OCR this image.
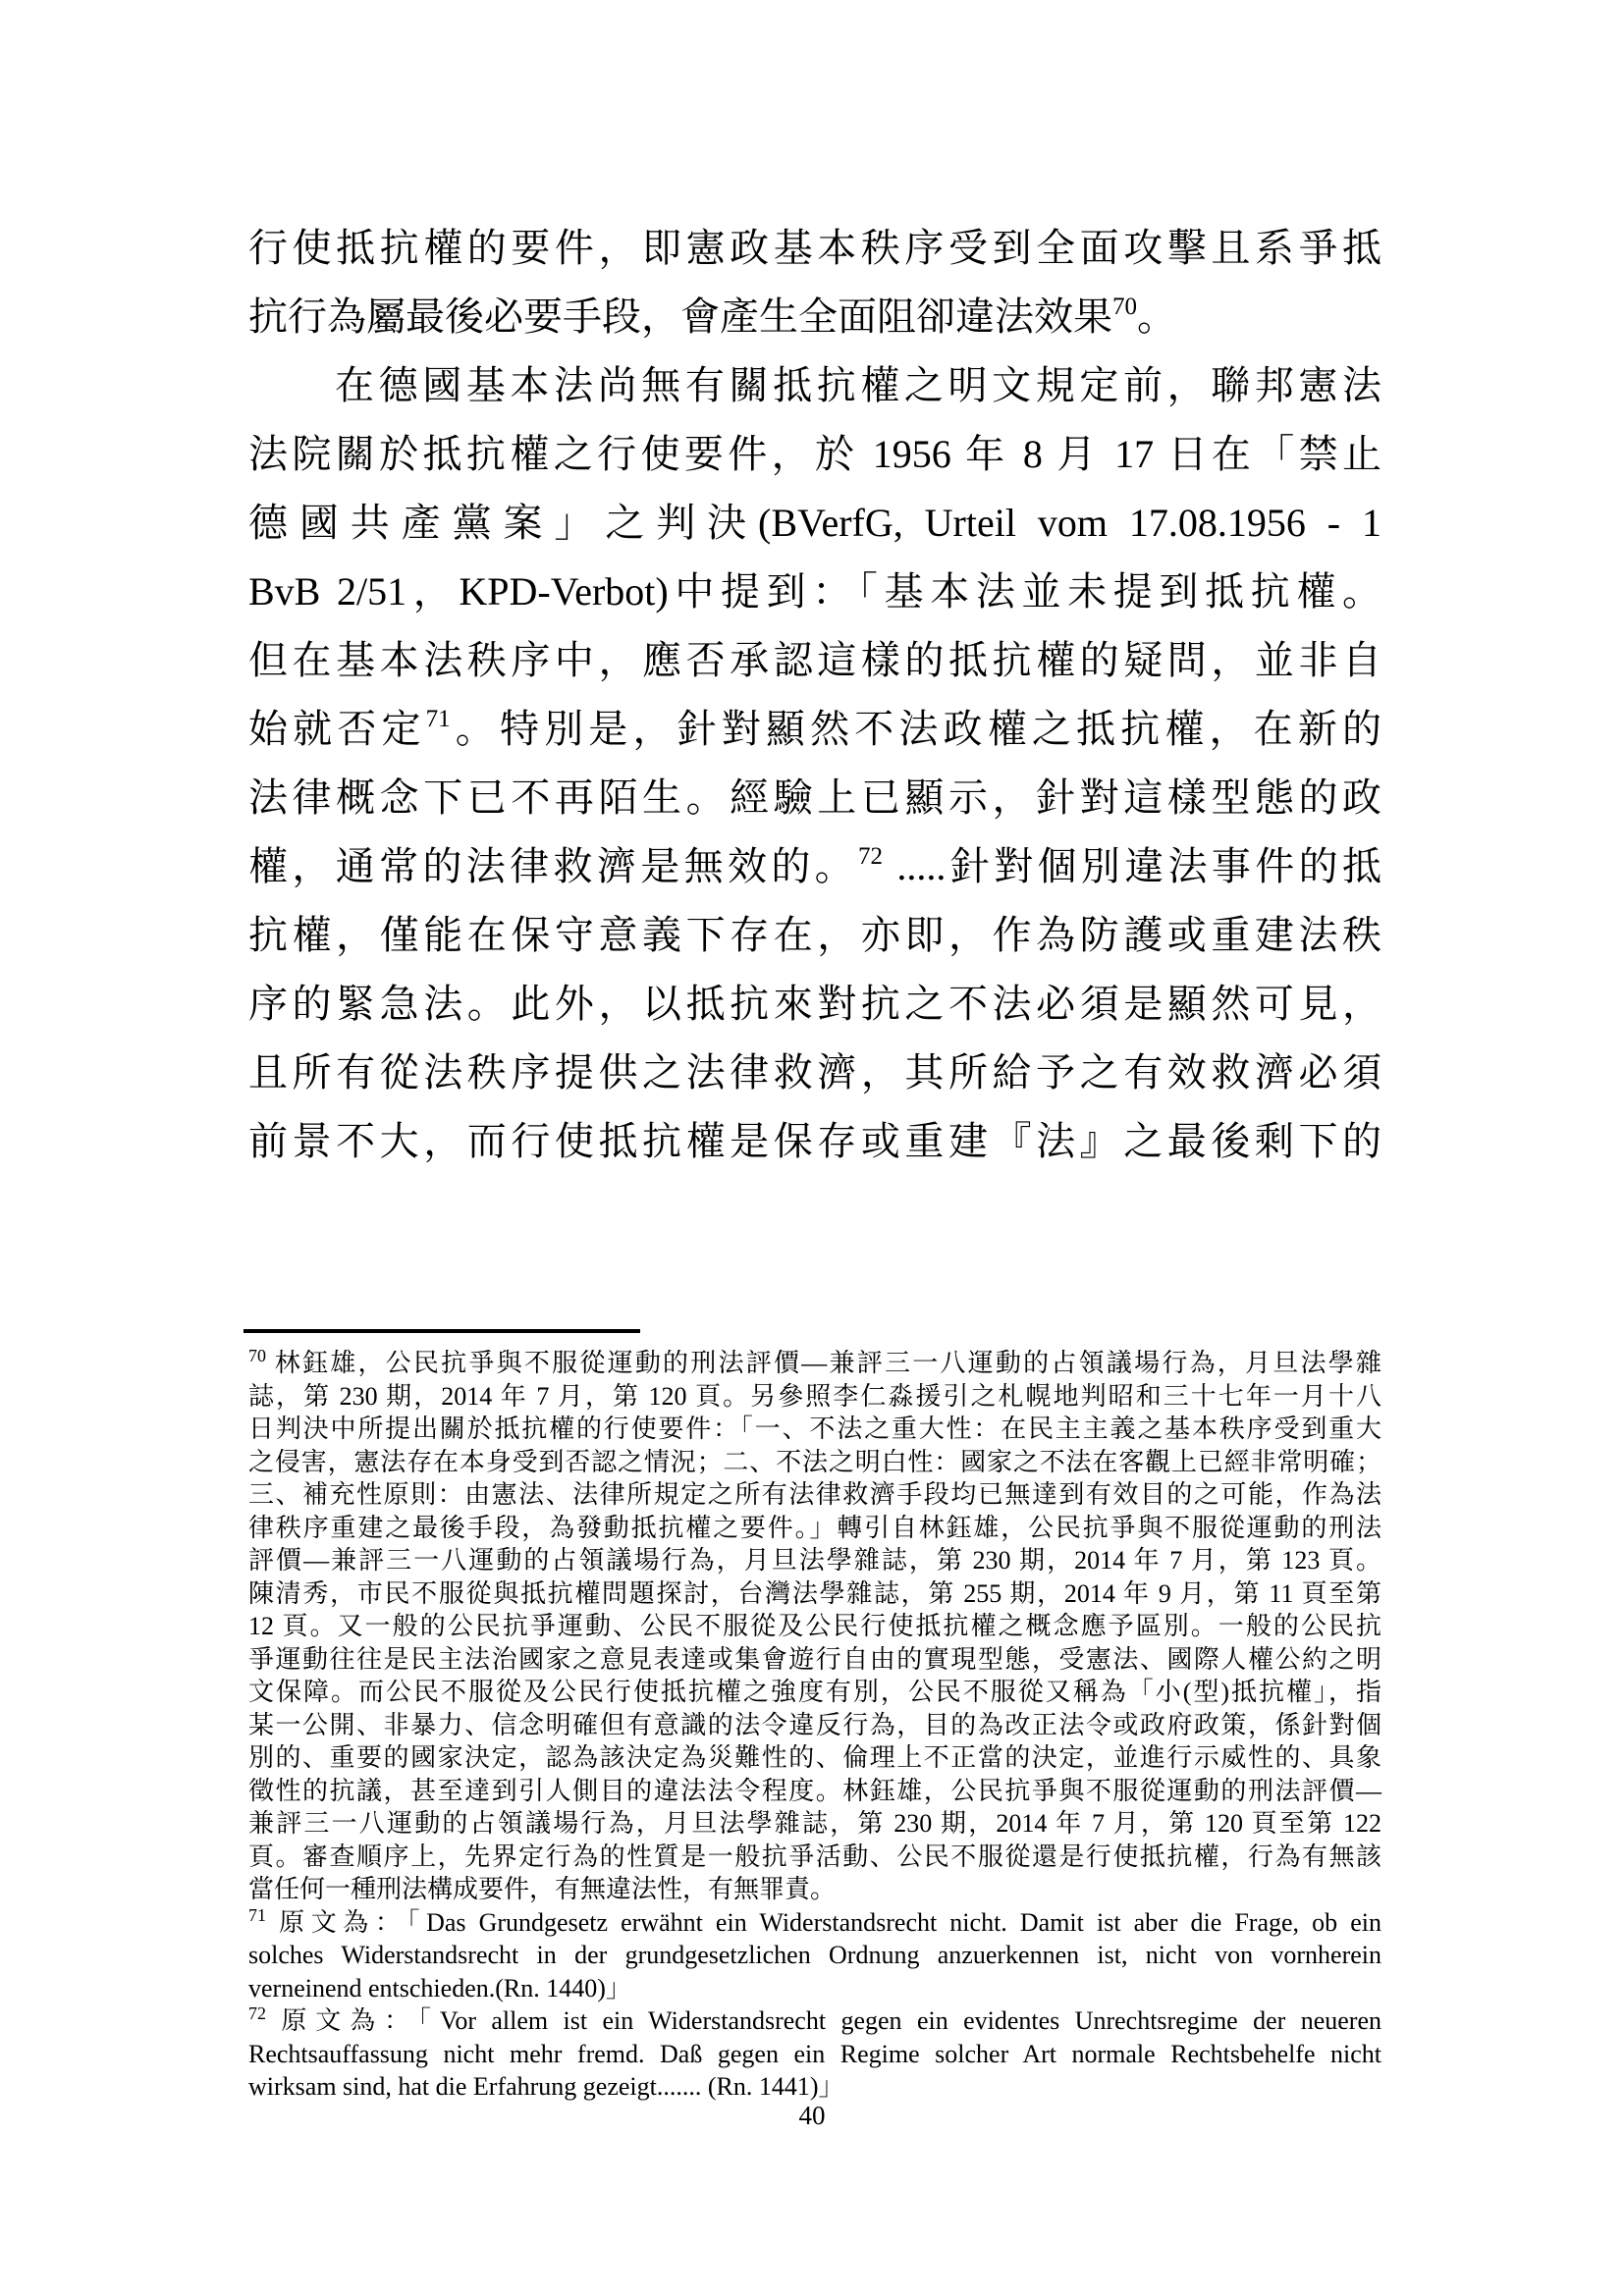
行使抵抗權的要件，即憲政基本秩序受到全面攻擊且系爭抵
抗行為屬最後必要手段，會產生全面阻卻違法效果$^{70}$。
在德國基本法尚無有關抵抗權之明文規定前，聯邦憲法
法院關於抵抗權之行使要件，於 1956 年 8 月 17 日在「禁止
德國共產黨案」之判決(BVerfG, Urteil vom 17.08.1956 - 1
BvB 2/51，KPD-Verbot)中提到：「基本法並未提到抵抗權。
但在基本法秩序中，應否承認這樣的抵抗權的疑問，並非自
始就否定$^{71}$。特別是，針對顯然不法政權之抵抗權，在新的
法律概念下已不再陌生。經驗上已顯示，針對這樣型態的政
權，通常的法律救濟是無效的。$^{72}$ .....針對個別違法事件的抵
抗權，僅能在保守意義下存在，亦即，作為防護或重建法秩
序的緊急法。此外，以抵抗來對抗之不法必須是顯然可見，
且所有從法秩序提供之法律救濟，其所給予之有效救濟必須
前景不大，而行使抵抗權是保存或重建『法』之最後剩下的
$^{70}$ 林鈺雄，公民抗爭與不服從運動的刑法評價—兼評三一八運動的占領議場行為，月旦法學雜
誌，第 230 期，2014 年 7 月，第 120 頁。另參照李仁淼援引之札幌地判昭和三十七年一月十八
日判決中所提出關於抵抗權的行使要件：「一、不法之重大性：在民主主義之基本秩序受到重大
之侵害，憲法存在本身受到否認之情況；二、不法之明白性：國家之不法在客觀上已經非常明確；
三、補充性原則：由憲法、法律所規定之所有法律救濟手段均已無達到有效目的之可能，作為法
律秩序重建之最後手段，為發動抵抗權之要件。」轉引自林鈺雄，公民抗爭與不服從運動的刑法
評價—兼評三一八運動的占領議場行為，月旦法學雜誌，第 230 期，2014 年 7 月，第 123 頁。
陳清秀，市民不服從與抵抗權問題探討，台灣法學雜誌，第 255 期，2014 年 9 月，第 11 頁至第
12 頁。又一般的公民抗爭運動、公民不服從及公民行使抵抗權之概念應予區別。一般的公民抗
爭運動往往是民主法治國家之意見表達或集會遊行自由的實現型態，受憲法、國際人權公約之明
文保障。而公民不服從及公民行使抵抗權之強度有別，公民不服從又稱為「小(型)抵抗權」，指
某一公開、非暴力、信念明確但有意識的法令違反行為，目的為改正法令或政府政策，係針對個
別的、重要的國家決定，認為該決定為災難性的、倫理上不正當的決定，並進行示威性的、具象
徵性的抗議，甚至達到引人側目的違法法令程度。林鈺雄，公民抗爭與不服從運動的刑法評價—
兼評三一八運動的占領議場行為，月旦法學雜誌，第 230 期，2014 年 7 月，第 120 頁至第 122
頁。審查順序上，先界定行為的性質是一般抗爭活動、公民不服從還是行使抵抗權，行為有無該
當任何一種刑法構成要件，有無違法性，有無罪責。
$^{71}$ 原文為：「Das Grundgesetz erwähnt ein Widerstandsrecht nicht. Damit ist aber die Frage, ob ein
solches Widerstandsrecht in der grundgesetzlichen Ordnung anzuerkennen ist, nicht von vornherein
verneinend entschieden.(Rn. 1440)」
$^{72}$ 原文為：「Vor allem ist ein Widerstandsrecht gegen ein evidentes Unrechtsregime der neueren
Rechtsauffassung nicht mehr fremd. Daß gegen ein Regime solcher Art normale Rechtsbehelfe nicht
wirksam sind, hat die Erfahrung gezeigt....... (Rn. 1441)」
40
